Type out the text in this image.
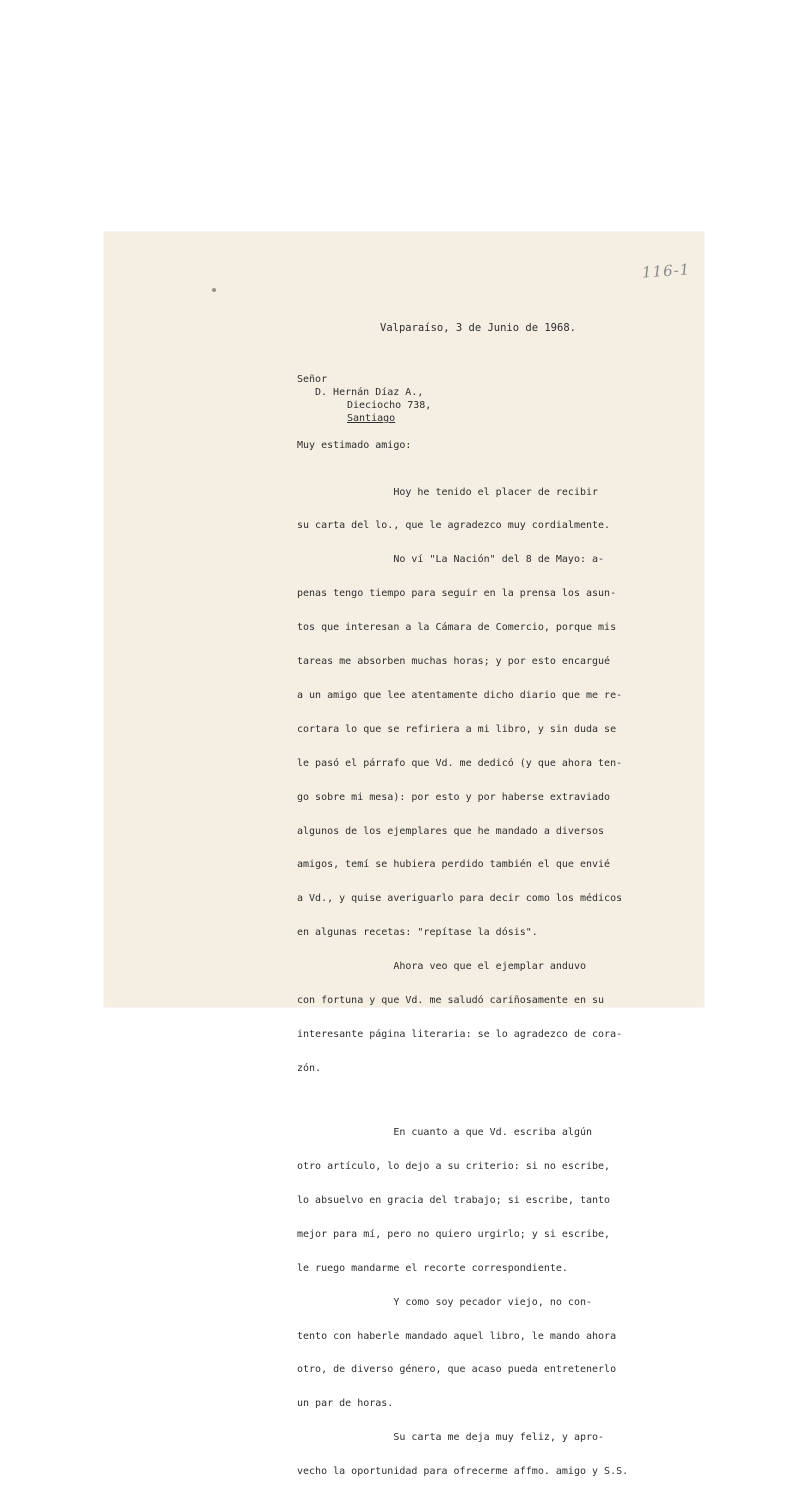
116-1
Valparaíso, 3 de Junio de 1968.
Señor
D. Hernán Díaz A.,
Dieciocho 738,
Santiago
Muy estimado amigo:

Hoy he tenido el placer de recibir

su carta del lo., que le agradezco muy cordialmente.

No ví "La Nación" del 8 de Mayo: a-

penas tengo tiempo para seguir en la prensa los asun-

tos que interesan a la Cámara de Comercio, porque mis

tareas me absorben muchas horas; y por esto encargué

a un amigo que lee atentamente dicho diario que me re-

cortara lo que se refiriera a mi libro, y sin duda se

le pasó el párrafo que Vd. me dedicó (y que ahora ten-

go sobre mi mesa): por esto y por haberse extraviado

algunos de los ejemplares que he mandado a diversos

amigos, temí se hubiera perdido también el que envié

a Vd., y quise averiguarlo para decir como los médicos

en algunas recetas: "repítase la dósis".

Ahora veo que el ejemplar anduvo

con fortuna y que Vd. me saludó cariñosamente en su

interesante página literaria: se lo agradezco de cora-

zón.

En cuanto a que Vd. escriba algún

otro artículo, lo dejo a su criterio: si no escribe,

lo absuelvo en gracia del trabajo; si escribe, tanto

mejor para mí, pero no quiero urgirlo; y si escribe,

le ruego mandarme el recorte correspondiente.

Y como soy pecador viejo, no con-

tento con haberle mandado aquel libro, le mando ahora

otro, de diverso género, que acaso pueda entretenerlo

un par de horas.

Su carta me deja muy feliz, y apro-

vecho la oportunidad para ofrecerme affmo. amigo y S.S.
